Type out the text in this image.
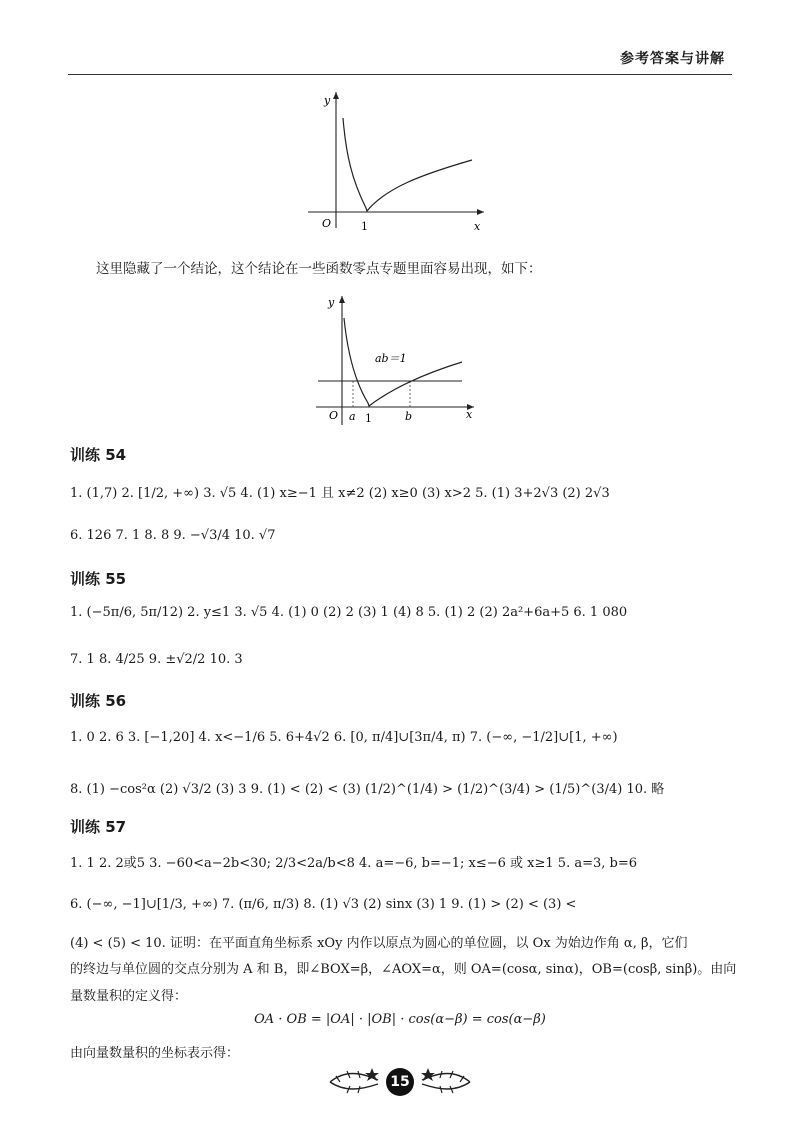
参考答案与讲解
y
x
O	1
这里隐藏了一个结论，这个结论在一些函数零点专题里面容易出现，如下：
y
x
O a 1	b
ab＝1
训练 54
1. (1,7) 2. [1/2, +∞) 3. √5 4. (1) x≥−1 且 x≠2 (2) x≥0 (3) x>2 5. (1) 3+2√3 (2) 2√3
6. 126 7. 1 8. 8 9. −√3/4 10. √7
训练 55
1. (−5π/6, 5π/12) 2. y≤1 3. √5 4. (1) 0 (2) 2 (3) 1 (4) 8 5. (1) 2 (2) 2a²+6a+5 6. 1 080
7. 1 8. 4/25 9. ±√2/2 10. 3
训练 56
1. 0 2. 6 3. [−1,20] 4. x<−1/6 5. 6+4√2 6. [0, π/4]∪[3π/4, π) 7. (−∞, −1/2]∪[1, +∞)
8. (1) −cos²α (2) √3/2 (3) 3 9. (1) < (2) < (3) (1/2)^(1/4) > (1/2)^(3/4) > (1/5)^(3/4) 10. 略
训练 57
1. 1 2. 2或5 3. −60<a−2b<30; 2/3<2a/b<8 4. a=−6, b=−1; x≤−6 或 x≥1 5. a=3, b=6
6. (−∞, −1]∪[1/3, +∞) 7. (π/6, π/3) 8. (1) √3 (2) sinx (3) 1 9. (1) > (2) < (3) <
(4) < (5) < 10. 证明：在平面直角坐标系 xOy 内作以原点为圆心的单位圆，以 Ox 为始边作角 α, β，它们
的终边与单位圆的交点分别为 A 和 B，即∠BOX=β，∠AOX=α，则 OA=(cosα, sinα)，OB=(cosβ, sinβ)。由向
量数量积的定义得：
OA · OB = |OA| · |OB| · cos(α−β) = cos(α−β)
由向量数量积的坐标表示得：
15
